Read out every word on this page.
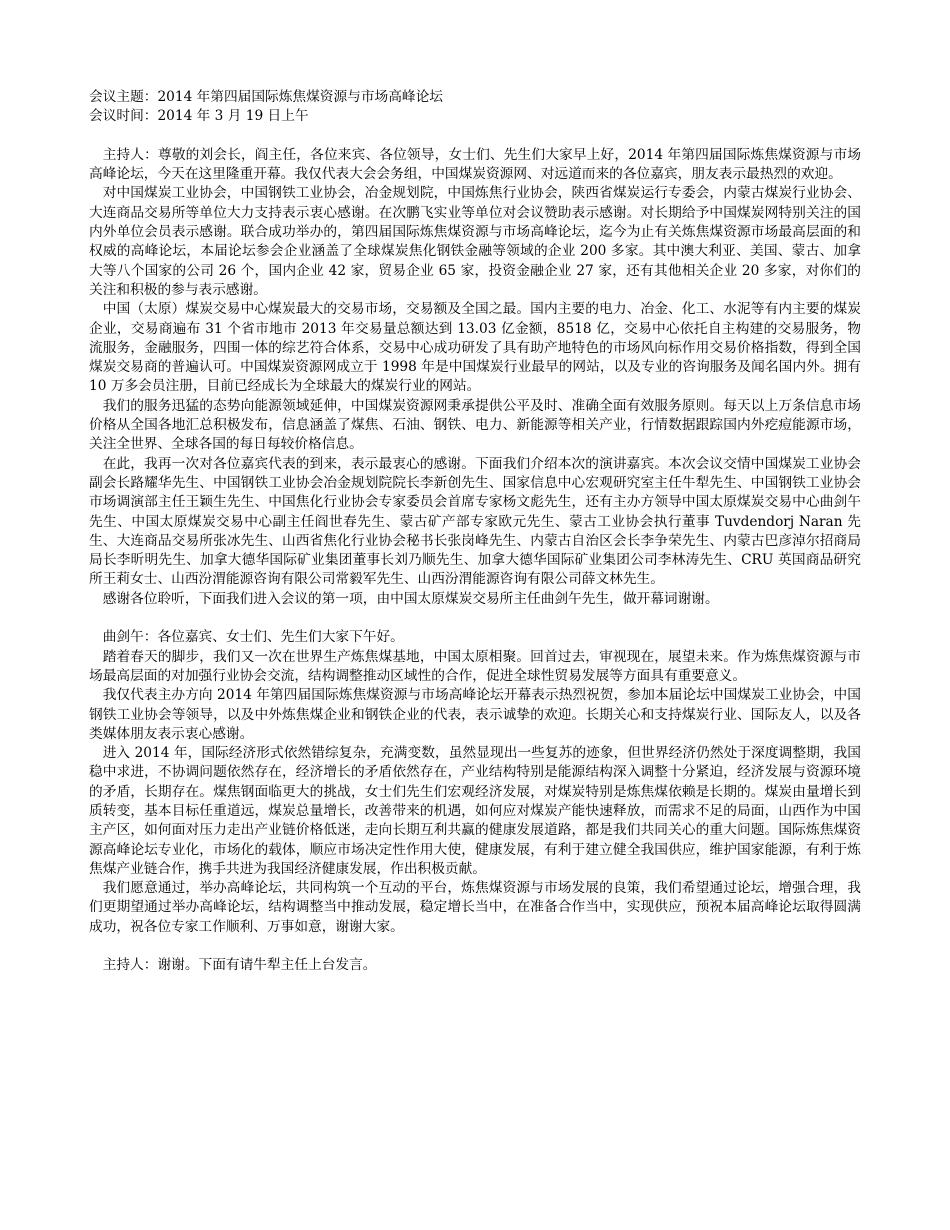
会议主题：2014 年第四届国际炼焦煤资源与市场高峰论坛

会议时间：2014 年 3 月 19 日上午

主持人：尊敬的刘会长，阎主任，各位来宾、各位领导，女士们、先生们大家早上好，2014 年第四届国际炼焦煤资源与市场高峰论坛，今天在这里隆重开幕。我仅代表大会会务组，中国煤炭资源网、对远道而来的各位嘉宾，朋友表示最热烈的欢迎。

对中国煤炭工业协会，中国钢铁工业协会，冶金规划院，中国炼焦行业协会，陕西省煤炭运行专委会，内蒙古煤炭行业协会、大连商品交易所等单位大力支持表示衷心感谢。在次鹏飞实业等单位对会议赞助表示感谢。对长期给予中国煤炭网特别关注的国内外单位会员表示感谢。联合成功举办的，第四届国际炼焦煤资源与市场高峰论坛，迄今为止有关炼焦煤资源市场最高层面的和权威的高峰论坛，本届论坛参会企业涵盖了全球煤炭焦化钢铁金融等领域的企业 200 多家。其中澳大利亚、美国、蒙古、加拿大等八个国家的公司 26 个，国内企业 42 家，贸易企业 65 家，投资金融企业 27 家，还有其他相关企业 20 多家，对你们的关注和积极的参与表示感谢。

中国（太原）煤炭交易中心煤炭最大的交易市场，交易额及全国之最。国内主要的电力、冶金、化工、水泥等有内主要的煤炭企业，交易商遍布 31 个省市地市 2013 年交易量总额达到 13.03 亿金额，8518 亿，交易中心依托自主构建的交易服务，物流服务，金融服务，四围一体的综艺符合体系，交易中心成功研发了具有助产地特色的市场风向标作用交易价格指数，得到全国煤炭交易商的普遍认可。中国煤炭资源网成立于 1998 年是中国煤炭行业最早的网站，以及专业的咨询服务及闻名国内外。拥有 10 万多会员注册，目前已经成长为全球最大的煤炭行业的网站。

我们的服务迅猛的态势向能源领域延伸，中国煤炭资源网秉承提供公平及时、准确全面有效服务原则。每天以上万条信息市场价格从全国各地汇总积极发布，信息涵盖了煤焦、石油、钢铁、电力、新能源等相关产业，行情数据跟踪国内外疙痘能源市场，关注全世界、全球各国的每日每较价格信息。

在此，我再一次对各位嘉宾代表的到来，表示最衷心的感谢。下面我们介绍本次的演讲嘉宾。本次会议交情中国煤炭工业协会副会长路耀华先生、中国钢铁工业协会冶金规划院院长李新创先生、国家信息中心宏观研究室主任牛犁先生、中国钢铁工业协会市场调演部主任王颖生先生、中国焦化行业协会专家委员会首席专家杨文彪先生，还有主办方领导中国太原煤炭交易中心曲剑午先生、中国太原煤炭交易中心副主任阎世春先生、蒙古矿产部专家欧元先生、蒙古工业协会执行董事 Tuvdendorj Naran 先生、大连商品交易所张冰先生、山西省焦化行业协会秘书长张岗峰先生、内蒙古自治区会长李争荣先生、内蒙古巴彦淖尔招商局局长李昕明先生、加拿大德华国际矿业集团董事长刘乃顺先生、加拿大德华国际矿业集团公司李林涛先生、CRU 英国商品研究所王莉女士、山西汾渭能源咨询有限公司常毅军先生、山西汾渭能源咨询有限公司薛文林先生。

感谢各位聆听，下面我们进入会议的第一项，由中国太原煤炭交易所主任曲剑午先生，做开幕词谢谢。

曲剑午：各位嘉宾、女士们、先生们大家下午好。

踏着春天的脚步，我们又一次在世界生产炼焦煤基地，中国太原相聚。回首过去，审视现在，展望未来。作为炼焦煤资源与市场最高层面的对加强行业协会交流，结构调整推动区域性的合作，促进全球性贸易发展等方面具有重要意义。

我仅代表主办方向 2014 年第四届国际炼焦煤资源与市场高峰论坛开幕表示热烈祝贺，参加本届论坛中国煤炭工业协会，中国钢铁工业协会等领导，以及中外炼焦煤企业和钢铁企业的代表，表示诚挚的欢迎。长期关心和支持煤炭行业、国际友人，以及各类媒体朋友表示衷心感谢。

进入 2014 年，国际经济形式依然错综复杂，充满变数，虽然显现出一些复苏的迹象，但世界经济仍然处于深度调整期，我国稳中求进，不协调问题依然存在，经济增长的矛盾依然存在，产业结构特别是能源结构深入调整十分紧迫，经济发展与资源环境的矛盾，长期存在。煤焦钢面临更大的挑战，女士们先生们宏观经济发展，对煤炭特别是炼焦煤依赖是长期的。煤炭由量增长到质转变，基本目标任重道远，煤炭总量增长，改善带来的机遇，如何应对煤炭产能快速释放，而需求不足的局面，山西作为中国主产区，如何面对压力走出产业链价格低迷，走向长期互利共赢的健康发展道路，都是我们共同关心的重大问题。国际炼焦煤资源高峰论坛专业化，市场化的载体，顺应市场决定性作用大使，健康发展，有利于建立健全我国供应，维护国家能源，有利于炼焦煤产业链合作，携手共进为我国经济健康发展，作出积极贡献。

我们愿意通过，举办高峰论坛，共同构筑一个互动的平台，炼焦煤资源与市场发展的良策，我们希望通过论坛，增强合理，我们更期望通过举办高峰论坛，结构调整当中推动发展，稳定增长当中，在准备合作当中，实现供应，预祝本届高峰论坛取得圆满成功，祝各位专家工作顺利、万事如意，谢谢大家。

主持人：谢谢。下面有请牛犁主任上台发言。
